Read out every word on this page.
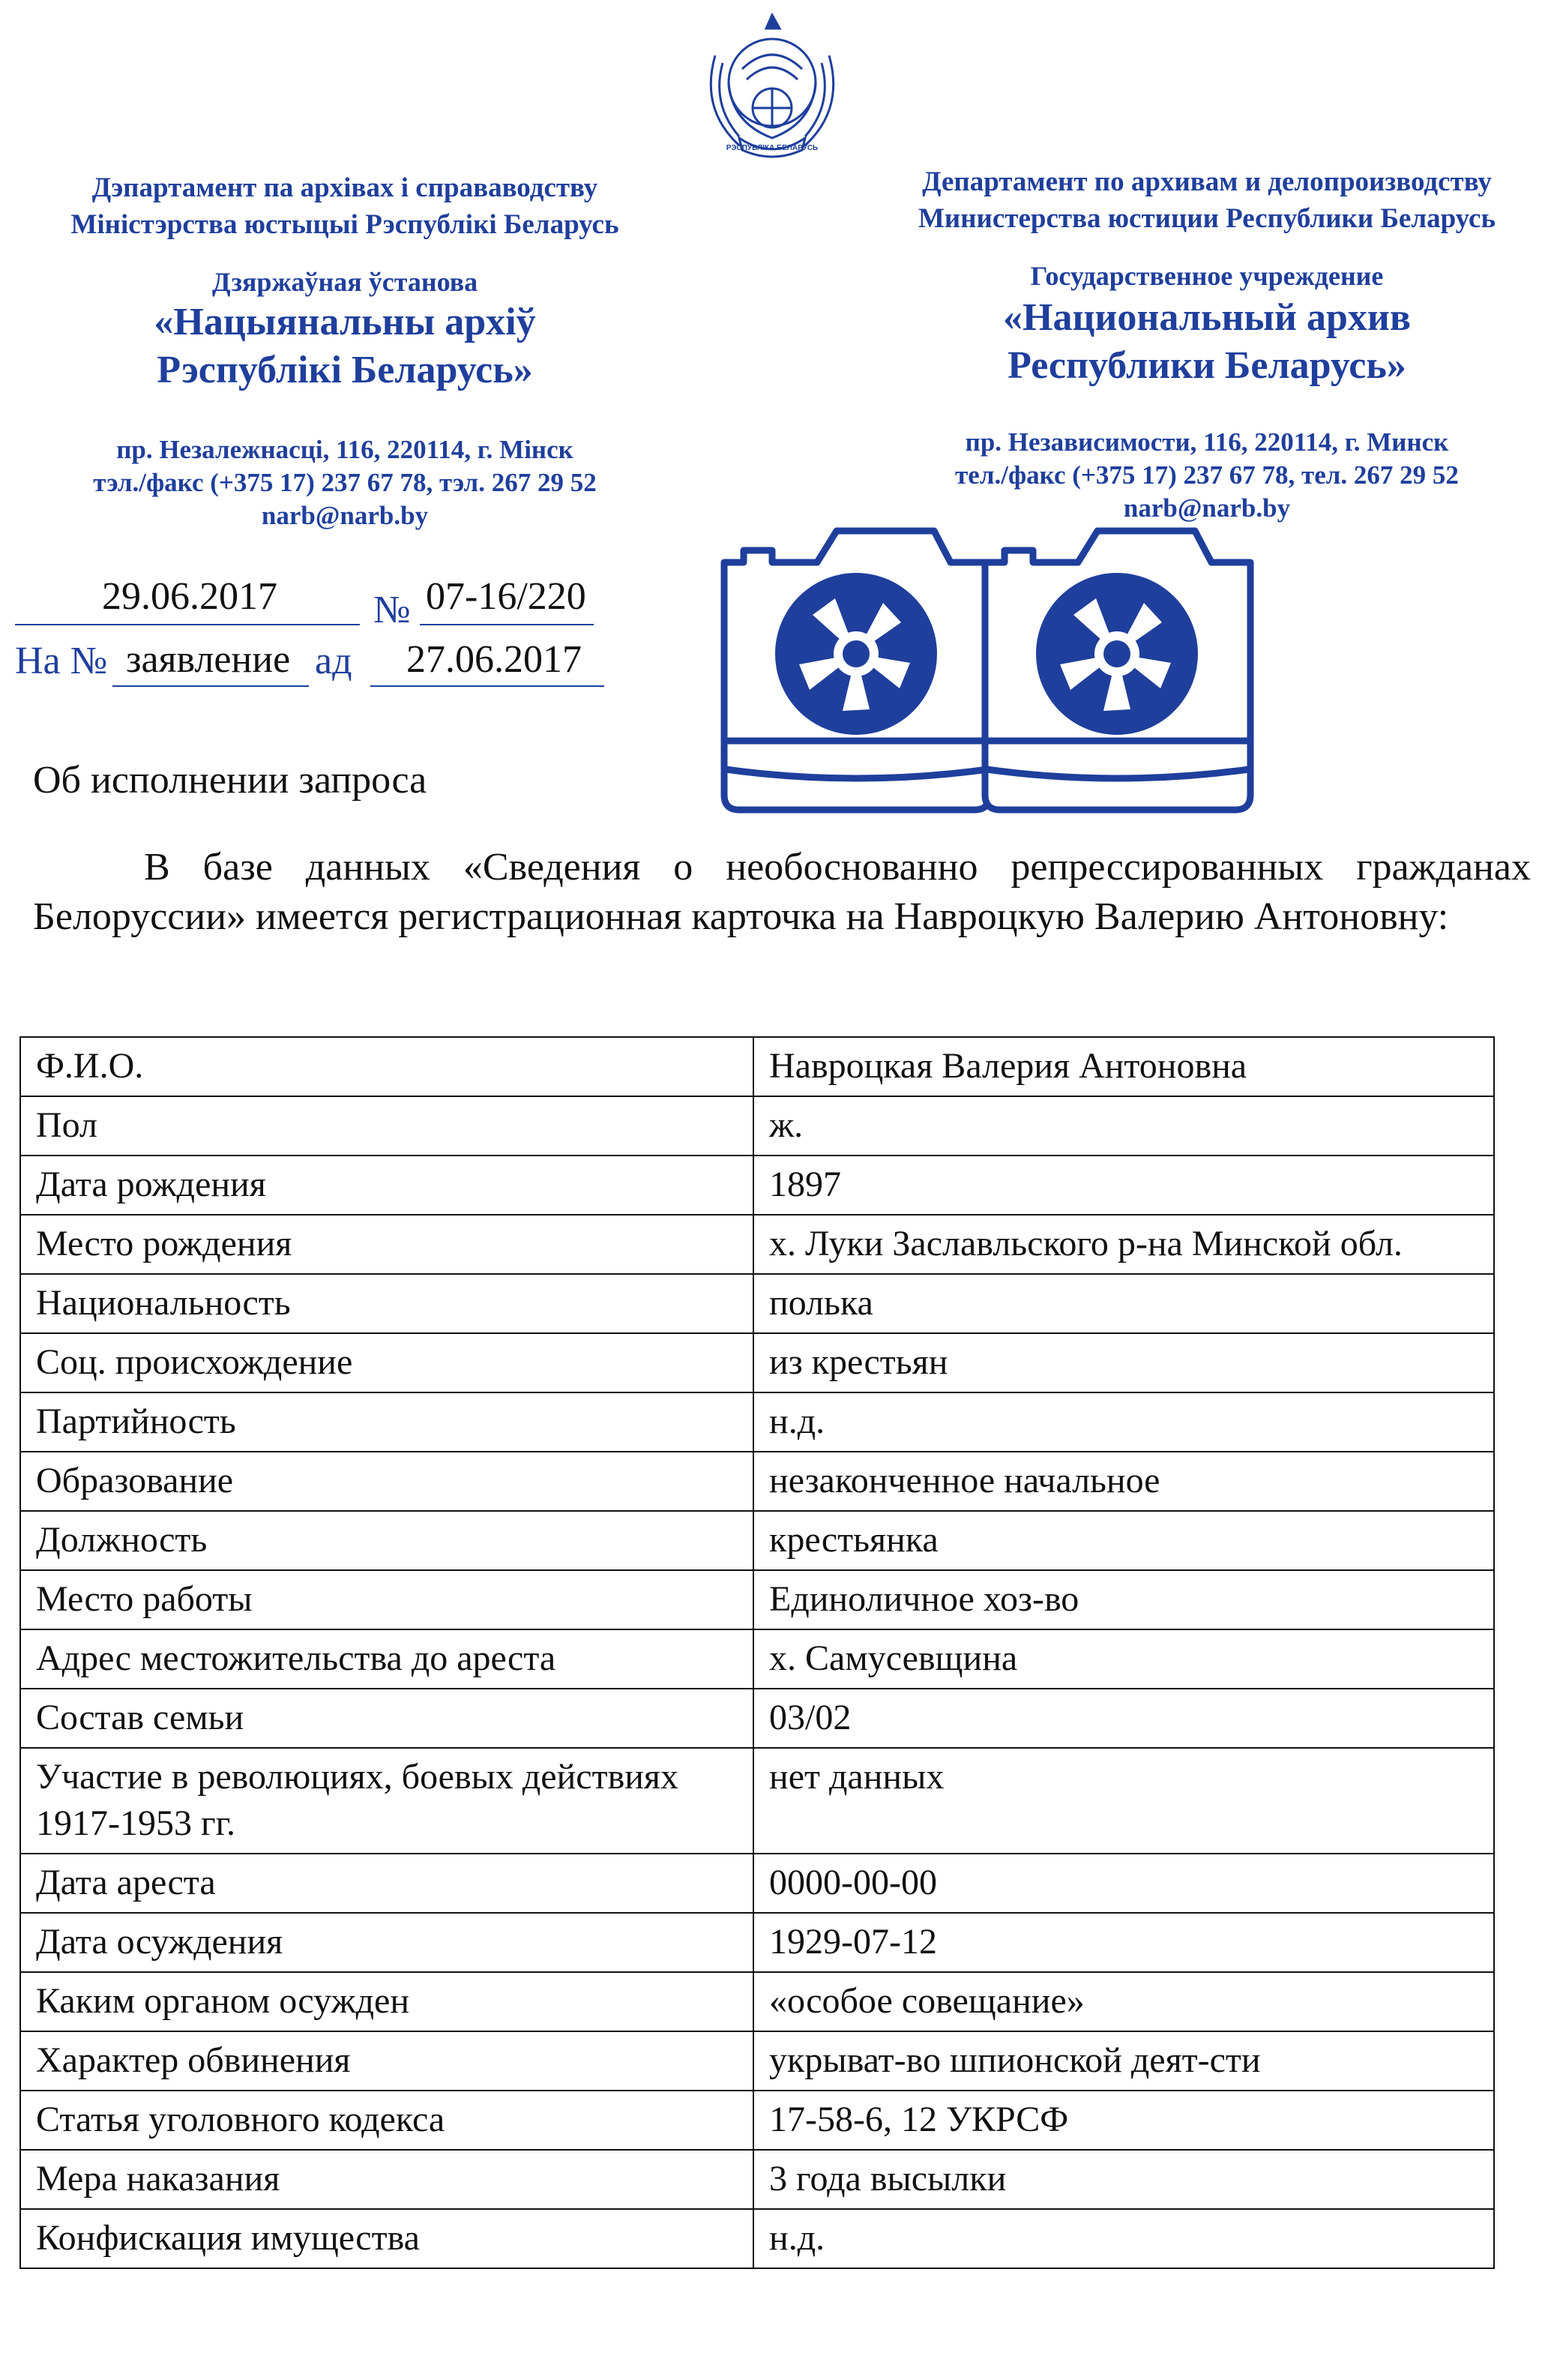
РЭСПУБЛIКА БЕЛАРУСЬ
Дэпартамент па архівах і справаводству
Міністэрства юстыцыі Рэспублікі Беларусь
Дзяржаўная ўстанова
«Нацыянальны архіў
Рэспублікі Беларусь»
пр. Незалежнасці, 116, 220114, г. Мінск
тэл./факс (+375 17) 237 67 78, тэл. 267 29 52
narb@narb.by
Департамент по архивам и делопроизводству
Министерства юстиции Республики Беларусь
Государственное учреждение
«Национальный архив
Республики Беларусь»
пр. Независимости, 116, 220114, г. Минск
тел./факс (+375 17) 237 67 78, тел. 267 29 52
narb@narb.by
29.06.2017 № 07-16/220
На № заявление ад 27.06.2017
Об исполнении запроса

В базе данных «Сведения о необоснованно репрессированных гражданах Белоруссии» имеется регистрационная карточка на Навроцкую Валерию Антоновну:

Ф.И.О.	Навроцкая Валерия Антоновна
Пол	ж.
Дата рождения	1897
Место рождения	х. Луки Заславльского р-на Минской обл.
Национальность	полька
Соц. происхождение	из крестьян
Партийность	н.д.
Образование	незаконченное начальное
Должность	крестьянка
Место работы	Единоличное хоз-во
Адрес местожительства до ареста	х. Самусевщина
Состав семьи	03/02
Участие в революциях, боевых действиях 1917-1953 гг.	нет данных
Дата ареста	0000-00-00
Дата осуждения	1929-07-12
Каким органом осужден	«особое совещание»
Характер обвинения	укрыват-во шпионской деят-сти
Статья уголовного кодекса	17-58-6, 12 УКРСФ
Мера наказания	3 года высылки
Конфискация имущества	н.д.
